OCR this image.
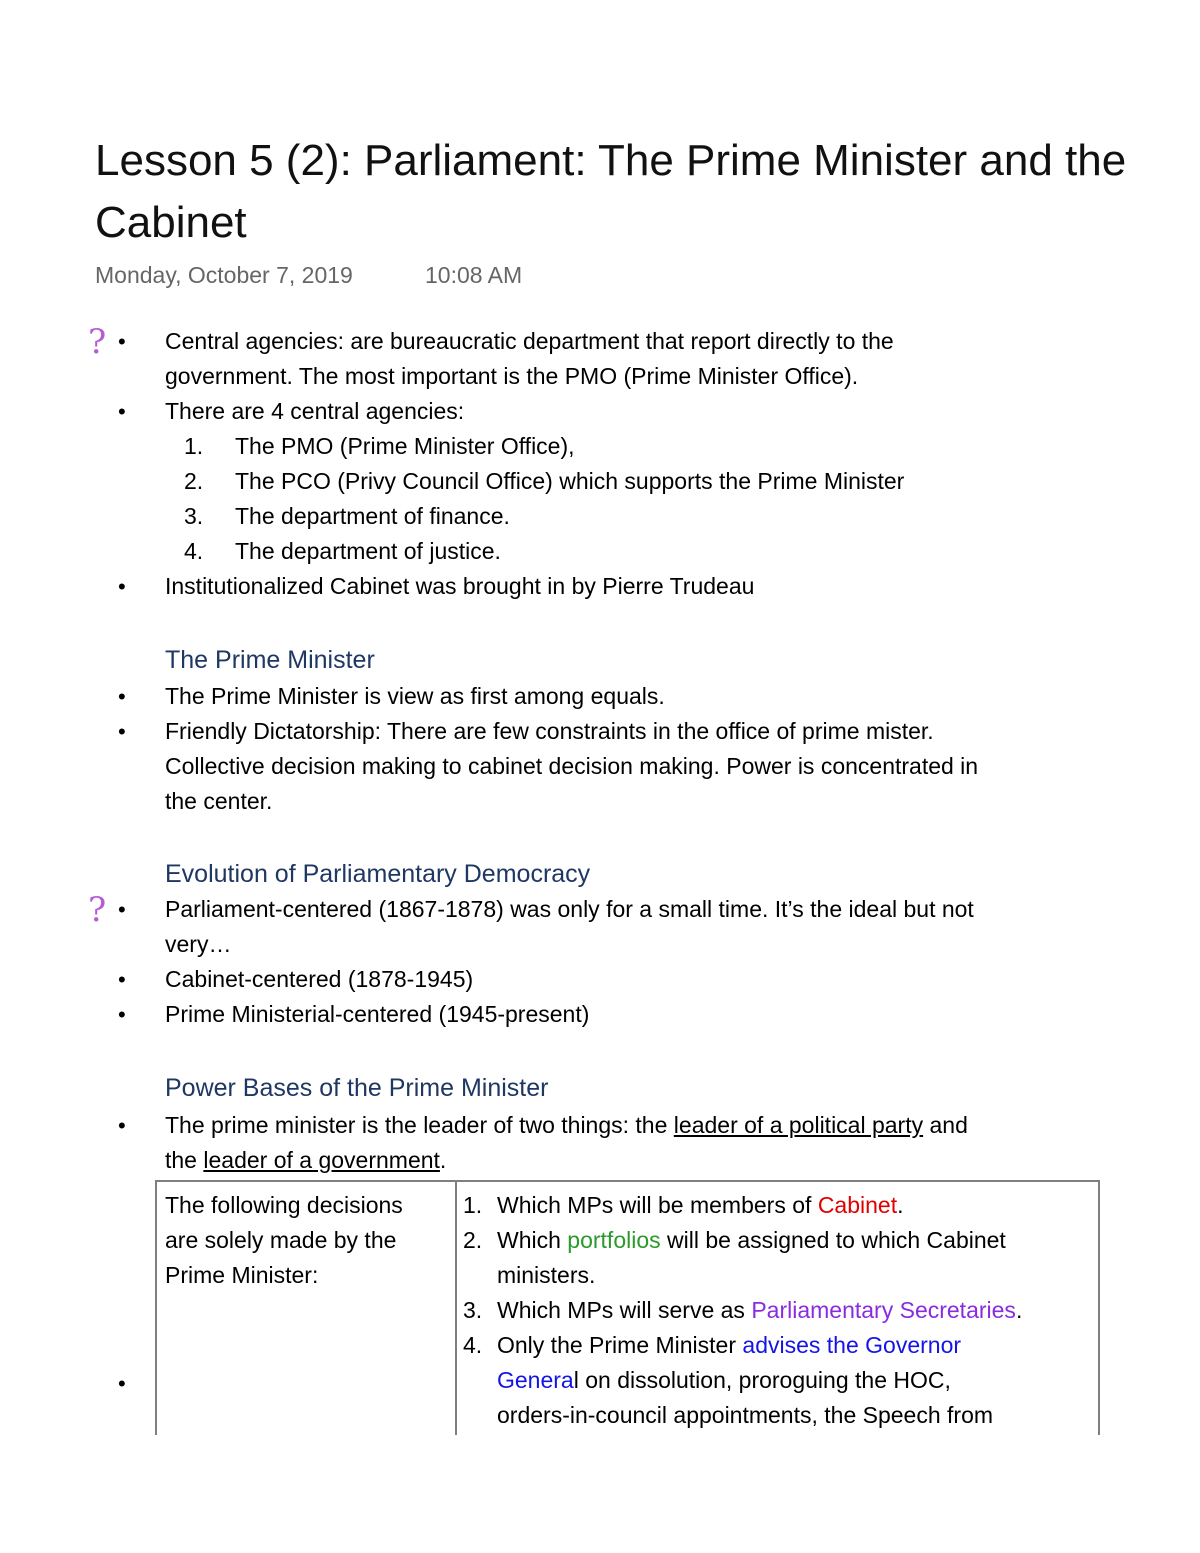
Lesson 5 (2): Parliament: The Prime Minister and the
Cabinet
Monday, October 7, 2019	10:08 AM
? • Central agencies: are bureaucratic department that report directly to the
government. The most important is the PMO (Prime Minister Office).
• There are 4 central agencies:
1.	The PMO (Prime Minister Office),
2.	The PCO (Privy Council Office) which supports the Prime Minister
3.	The department of finance.
4.	The department of justice.
• Institutionalized Cabinet was brought in by Pierre Trudeau
The Prime Minister
• The Prime Minister is view as first among equals.
• Friendly Dictatorship: There are few constraints in the office of prime mister.
Collective decision making to cabinet decision making. Power is concentrated in
the center.
Evolution of Parliamentary Democracy
? • Parliament-centered (1867-1878) was only for a small time. It’s the ideal but not
very…
• Cabinet-centered (1878-1945)
• Prime Ministerial-centered (1945-present)
Power Bases of the Prime Minister
• The prime minister is the leader of two things: the leader of a political party and
the leader of a government.
The following decisions
are solely made by the
Prime Minister:
1. Which MPs will be members of Cabinet.
2. Which portfolios will be assigned to which Cabinet
ministers.
3. Which MPs will serve as Parliamentary Secretaries.
4. Only the Prime Minister advises the Governor
General on dissolution, proroguing the HOC,
orders-in-council appointments, the Speech from
•
